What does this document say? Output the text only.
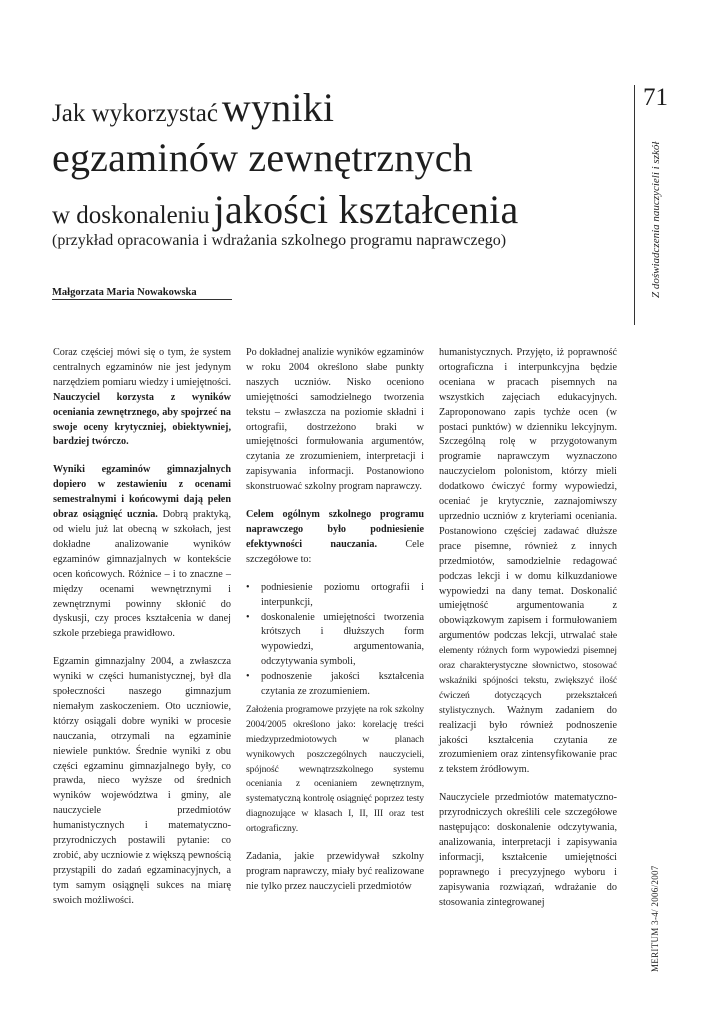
Jak wykorzystać wyniki
egzaminów zewnętrznych
w doskonaleniu jakości kształcenia
(przykład opracowania i wdrażania szkolnego programu naprawczego)
Małgorzata Maria Nowakowska
71
Z doświadczenia nauczycieli i szkół
MERITUM 3-4/ 2006/2007

Coraz częściej mówi się o tym, że system centralnych egzaminów nie jest jedynym narzędziem pomiaru wiedzy i umiejętności. Nauczyciel korzysta z wyników oceniania zewnętrznego, aby spojrzeć na swoje oceny krytyczniej, obiektywniej, bardziej twórczo.

Wyniki egzaminów gimnazjalnych dopiero w zestawieniu z ocenami semestralnymi i końcowymi dają pełen obraz osiągnięć ucznia. Dobrą praktyką, od wielu już lat obecną w szkołach, jest dokładne analizowanie wyników egzaminów gimnazjalnych w kontekście ocen końcowych. Różnice – i to znaczne – między ocenami wewnętrznymi i zewnętrznymi powinny skłonić do dyskusji, czy proces kształcenia w danej szkole przebiega prawidłowo.

Egzamin gimnazjalny 2004, a zwłaszcza wyniki w części humanistycznej, był dla społeczności naszego gimnazjum niemałym zaskoczeniem. Oto uczniowie, którzy osiągali dobre wyniki w procesie nauczania, otrzymali na egzaminie niewiele punktów. Średnie wyniki z obu części egzaminu gimnazjalnego były, co prawda, nieco wyższe od średnich wyników województwa i gminy, ale nauczyciele przedmiotów humanistycznych i matematyczno-przyrodniczych postawili pytanie: co zrobić, aby uczniowie z większą pewnością przystąpili do zadań egzaminacyjnych, a tym samym osiągnęli sukces na miarę swoich możliwości.

Po dokładnej analizie wyników egzaminów w roku 2004 określono słabe punkty naszych uczniów. Nisko oceniono umiejętności samodzielnego tworzenia tekstu – zwłaszcza na poziomie składni i ortografii, dostrzeżono braki w umiejętności formułowania argumentów, czytania ze zrozumieniem, interpretacji i zapisywania informacji. Postanowiono skonstruować szkolny program naprawczy.

Celem ogólnym szkolnego programu naprawczego było podniesienie efektywności nauczania.	Cele szczegółowe to:

• podniesienie poziomu ortografii i interpunkcji,
• doskonalenie umiejętności tworzenia krótszych i dłuższych form wypowiedzi, argumentowania, odczytywania symboli,
• podnoszenie jakości kształcenia czytania ze zrozumieniem.

Założenia programowe przyjęte na rok szkolny 2004/2005 określono jako: korelację treści miedzyprzedmiotowych w planach wynikowych poszczególnych nauczycieli, spójność wewnątrzszkolnego systemu oceniania z ocenianiem zewnętrznym, systematyczną kontrolę osiągnięć poprzez testy diagnozujące w klasach I, II, III oraz test ortograficzny.

Zadania, jakie przewidywał szkolny program naprawczy, miały być realizowane nie tylko przez nauczycieli przedmiotów

humanistycznych. Przyjęto, iż poprawność ortograficzna i interpunkcyjna będzie oceniana w pracach pisemnych na wszystkich zajęciach edukacyjnych. Zaproponowano zapis tychże ocen (w postaci punktów) w dzienniku lekcyjnym. Szczególną rolę w przygotowanym programie naprawczym wyznaczono nauczycielom polonistom, którzy mieli dodatkowo ćwiczyć formy wypowiedzi, oceniać je krytycznie, zaznajomiwszy uprzednio uczniów z kryteriami oceniania. Postanowiono częściej zadawać dłuższe prace pisemne, również z innych przedmiotów, samodzielnie redagować podczas lekcji i w domu kilkuzdaniowe wypowiedzi na dany temat. Doskonalić umiejętność argumentowania z obowiązkowym zapisem i formułowaniem argumentów podczas lekcji, utrwalać stałe elementy różnych form wypowiedzi pisemnej oraz charakterystyczne słownictwo, stosować wskaźniki spójności tekstu, zwiększyć ilość ćwiczeń dotyczących przekształceń stylistycznych. Ważnym zadaniem do realizacji było również podnoszenie jakości kształcenia czytania ze zrozumieniem oraz zintensyfikowanie prac z tekstem źródłowym.

Nauczyciele przedmiotów matematyczno-przyrodniczych określili cele szczegółowe następująco: doskonalenie odczytywania, analizowania, interpretacji i zapisywania informacji, kształcenie umiejętności poprawnego i precyzyjnego wyboru i zapisywania rozwiązań, wdrażanie do stosowania zintegrowanej
